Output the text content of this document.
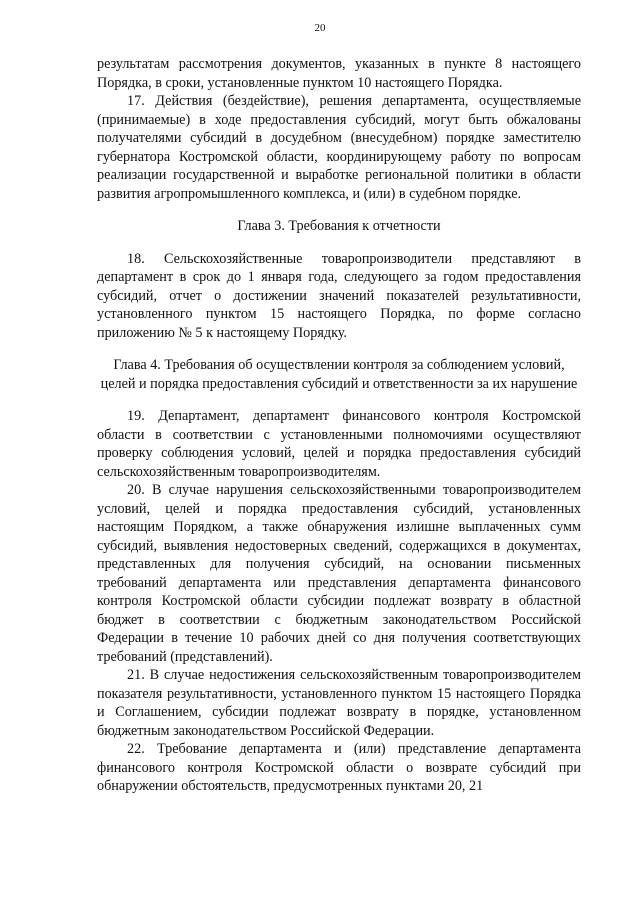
20

результатам рассмотрения документов, указанных в пункте 8 настоящего Порядка, в сроки, установленные пунктом 10 настоящего Порядка.

17. Действия (бездействие), решения департамента, осуществляемые (принимаемые) в ходе предоставления субсидий, могут быть обжалованы получателями субсидий в досудебном (внесудебном) порядке заместителю губернатора Костромской области, координирующему работу по вопросам реализации государственной и выработке региональной политики в области развития агропромышленного комплекса, и (или) в судебном порядке.

Глава 3. Требования к отчетности

18. Сельскохозяйственные товаропроизводители представляют в департамент в срок до 1 января года, следующего за годом предоставления субсидий, отчет о достижении значений показателей результативности, установленного пунктом 15 настоящего Порядка, по форме согласно приложению № 5 к настоящему Порядку.

Глава 4. Требования об осуществлении контроля за соблюдением условий, целей и порядка предоставления субсидий и ответственности за их нарушение

19. Департамент, департамент финансового контроля Костромской области в соответствии с установленными полномочиями осуществляют проверку соблюдения условий, целей и порядка предоставления субсидий сельскохозяйственным товаропроизводителям.

20. В случае нарушения сельскохозяйственными товаропроизводителем условий, целей и порядка предоставления субсидий, установленных настоящим Порядком, а также обнаружения излишне выплаченных сумм субсидий, выявления недостоверных сведений, содержащихся в документах, представленных для получения субсидий, на основании письменных требований департамента или представления департамента финансового контроля Костромской области субсидии подлежат возврату в областной бюджет в соответствии с бюджетным законодательством Российской Федерации в течение 10 рабочих дней со дня получения соответствующих требований (представлений).

21. В случае недостижения сельскохозяйственным товаропроизводителем показателя результативности, установленного пунктом 15 настоящего Порядка и Соглашением, субсидии подлежат возврату в порядке, установленном бюджетным законодательством Российской Федерации.

22. Требование департамента и (или) представление департамента финансового контроля Костромской области о возврате субсидий при обнаружении обстоятельств, предусмотренных пунктами 20, 21
